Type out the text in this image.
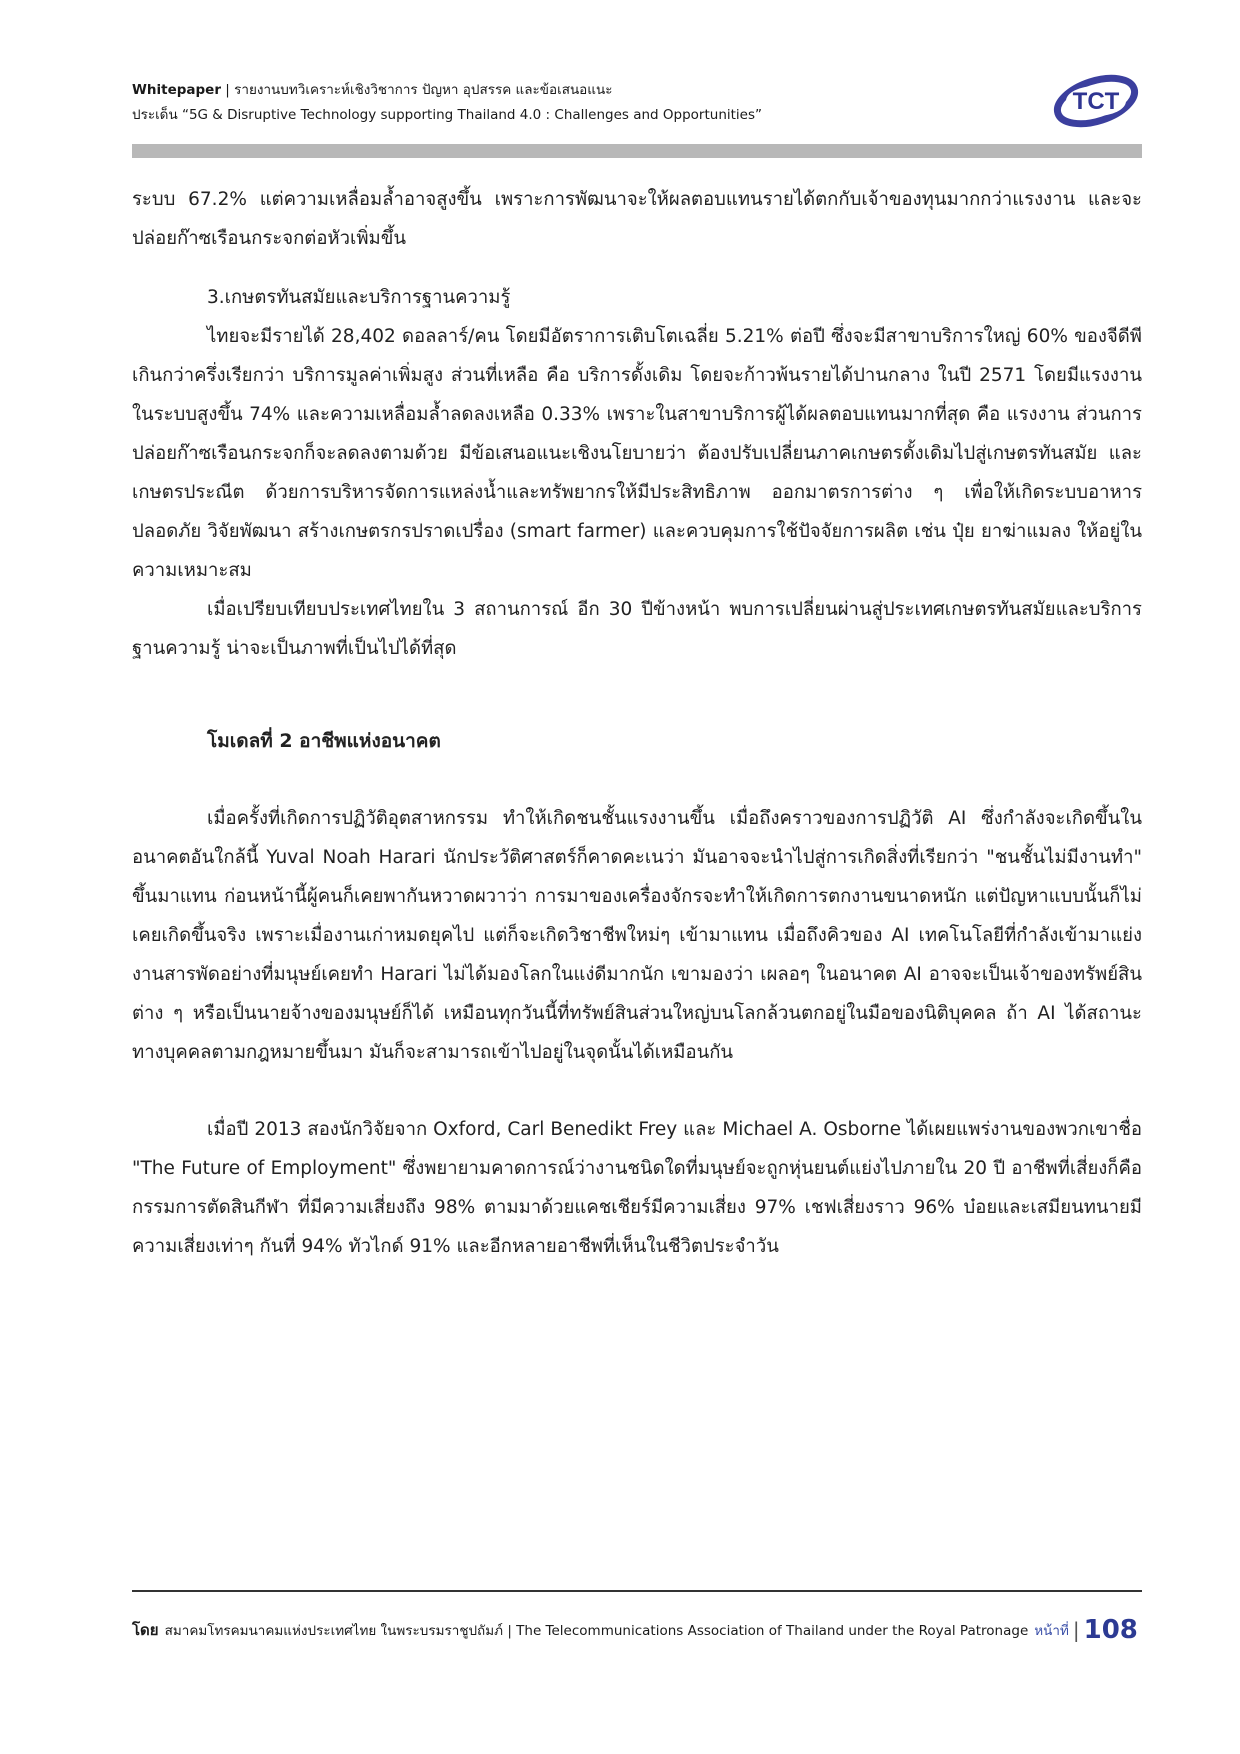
Whitepaper | รายงานบทวิเคราะห์เชิงวิชาการ ปัญหา อุปสรรค และข้อเสนอแนะ
ประเด็น “5G & Disruptive Technology supporting Thailand 4.0 : Challenges and Opportunities”	TCT

ระบบ 67.2% แต่ความเหลื่อมล้ำอาจสูงขึ้น เพราะการพัฒนาจะให้ผลตอบแทนรายได้ตกกับเจ้าของทุนมากกว่าแรงงาน และจะปล่อยก๊าซเรือนกระจกต่อหัวเพิ่มขึ้น

3.เกษตรทันสมัยและบริการฐานความรู้

ไทยจะมีรายได้ 28,402 ดอลลาร์/คน โดยมีอัตราการเติบโตเฉลี่ย 5.21% ต่อปี ซึ่งจะมีสาขาบริการใหญ่ 60% ของจีดีพี เกินกว่าครึ่งเรียกว่า บริการมูลค่าเพิ่มสูง ส่วนที่เหลือ คือ บริการดั้งเดิม โดยจะก้าวพ้นรายได้ปานกลาง ในปี 2571 โดยมีแรงงานในระบบสูงขึ้น 74% และความเหลื่อมล้ำลดลงเหลือ 0.33% เพราะในสาขาบริการผู้ได้ผลตอบแทนมากที่สุด คือ แรงงาน ส่วนการปล่อยก๊าซเรือนกระจกก็จะลดลงตามด้วย มีข้อเสนอแนะเชิงนโยบายว่า ต้องปรับเปลี่ยนภาคเกษตรดั้งเดิมไปสู่เกษตรทันสมัย และเกษตรประณีต ด้วยการบริหารจัดการแหล่งน้ำและทรัพยากรให้มีประสิทธิภาพ ออกมาตรการต่าง ๆ เพื่อให้เกิดระบบอาหารปลอดภัย วิจัยพัฒนา สร้างเกษตรกรปราดเปรื่อง (smart farmer) และควบคุมการใช้ปัจจัยการผลิต เช่น ปุ๋ย ยาฆ่าแมลง ให้อยู่ในความเหมาะสม

เมื่อเปรียบเทียบประเทศไทยใน 3 สถานการณ์ อีก 30 ปีข้างหน้า พบการเปลี่ยนผ่านสู่ประเทศเกษตรทันสมัยและบริการฐานความรู้ น่าจะเป็นภาพที่เป็นไปได้ที่สุด

โมเดลที่ 2 อาชีพแห่งอนาคต

เมื่อครั้งที่เกิดการปฏิวัติอุตสาหกรรม ทำให้เกิดชนชั้นแรงงานขึ้น เมื่อถึงคราวของการปฏิวัติ AI ซึ่งกำลังจะเกิดขึ้นในอนาคตอันใกล้นี้ Yuval Noah Harari นักประวัติศาสตร์ก็คาดคะเนว่า มันอาจจะนำไปสู่การเกิดสิ่งที่เรียกว่า "ชนชั้นไม่มีงานทำ" ขึ้นมาแทน ก่อนหน้านี้ผู้คนก็เคยพากันหวาดผวาว่า การมาของเครื่องจักรจะทำให้เกิดการตกงานขนาดหนัก แต่ปัญหาแบบนั้นก็ไม่เคยเกิดขึ้นจริง เพราะเมื่องานเก่าหมดยุคไป แต่ก็จะเกิดวิชาชีพใหม่ๆ เข้ามาแทน เมื่อถึงคิวของ AI เทคโนโลยีที่กำลังเข้ามาแย่งงานสารพัดอย่างที่มนุษย์เคยทำ Harari ไม่ได้มองโลกในแง่ดีมากนัก เขามองว่า เผลอๆ ในอนาคต AI อาจจะเป็นเจ้าของทรัพย์สินต่าง ๆ หรือเป็นนายจ้างของมนุษย์ก็ได้ เหมือนทุกวันนี้ที่ทรัพย์สินส่วนใหญ่บนโลกล้วนตกอยู่ในมือของนิติบุคคล ถ้า AI ได้สถานะทางบุคคลตามกฎหมายขึ้นมา มันก็จะสามารถเข้าไปอยู่ในจุดนั้นได้เหมือนกัน

เมื่อปี 2013 สองนักวิจัยจาก Oxford, Carl Benedikt Frey และ Michael A. Osborne ได้เผยแพร่งานของพวกเขาชื่อ "The Future of Employment" ซึ่งพยายามคาดการณ์ว่างานชนิดใดที่มนุษย์จะถูกหุ่นยนต์แย่งไปภายใน 20 ปี อาชีพที่เสี่ยงก็คือกรรมการตัดสินกีฬา ที่มีความเสี่ยงถึง 98% ตามมาด้วยแคชเชียร์มีความเสี่ยง 97% เชฟเสี่ยงราว 96% บ๋อยและเสมียนทนายมีความเสี่ยงเท่าๆ กันที่ 94% ทัวไกด์ 91% และอีกหลายอาชีพที่เห็นในชีวิตประจำวัน

โดย สมาคมโทรคมนาคมแห่งประเทศไทย ในพระบรมราชูปถัมภ์ | The Telecommunications Association of Thailand under the Royal Patronage หน้าที่ | 108
